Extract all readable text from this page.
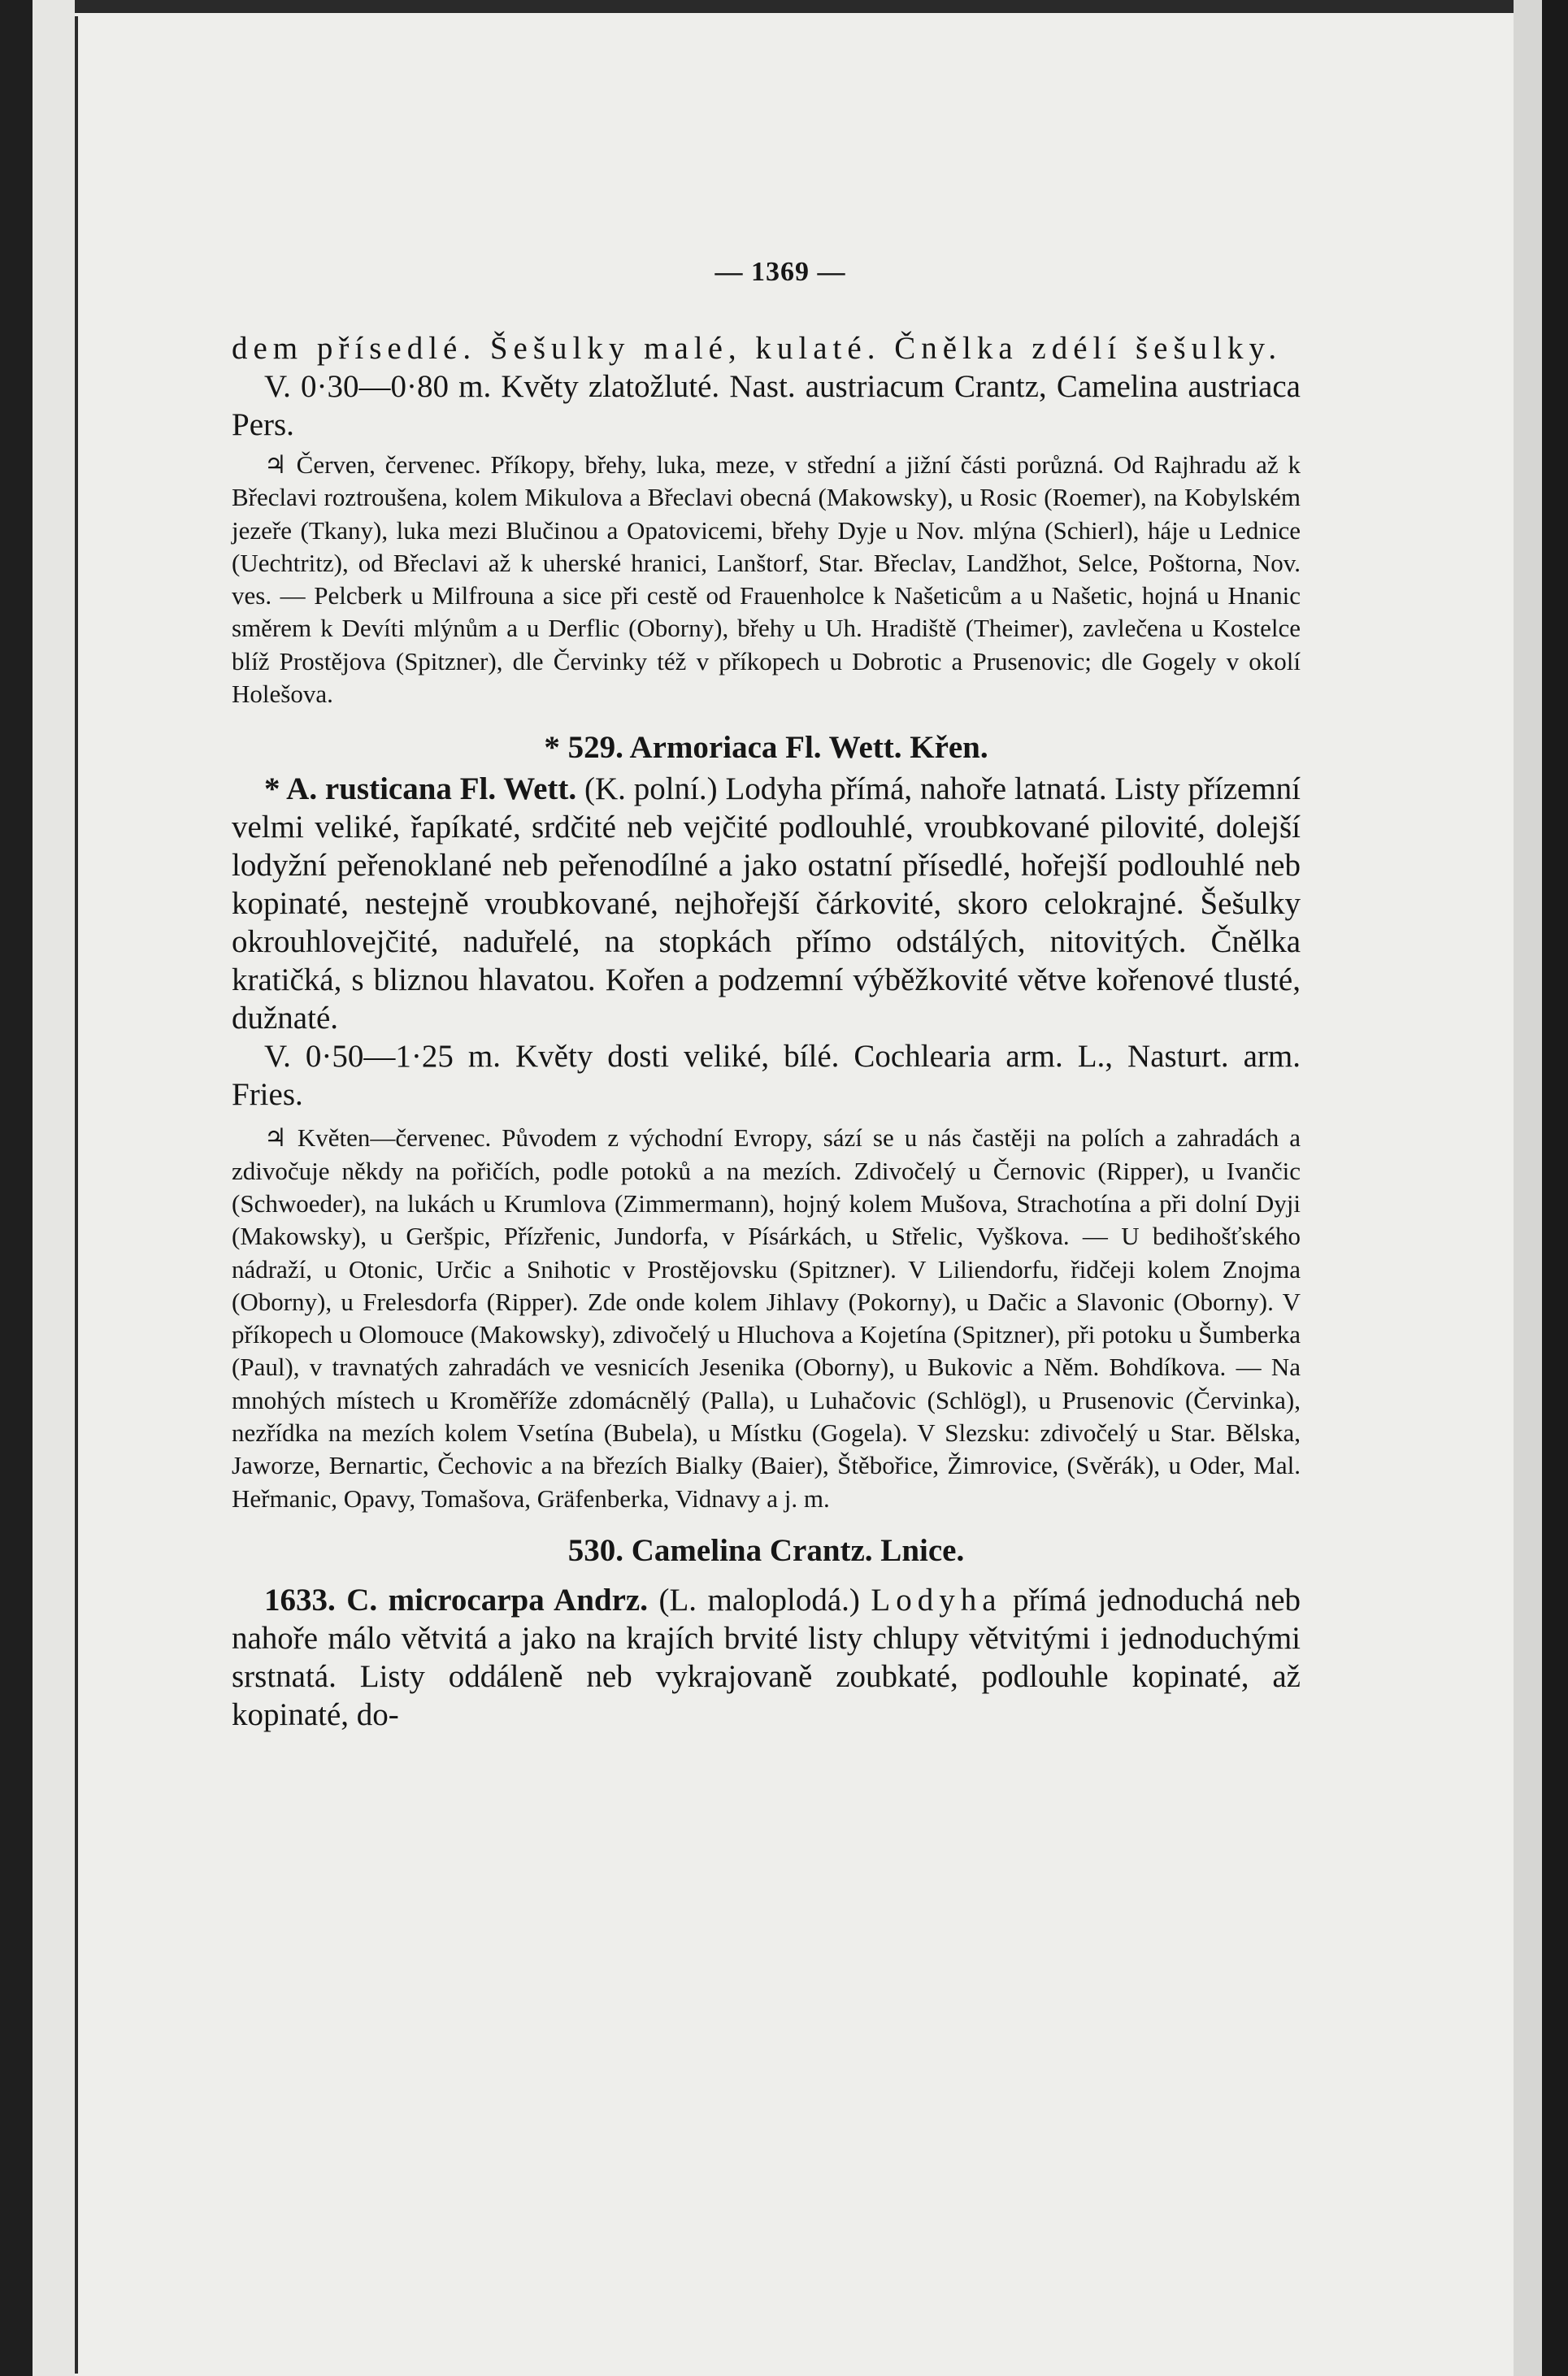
— 1369 —

dem přísedlé. Šešulky malé, kulaté. Čnělka zdélí šešulky.

V. 0·30—0·80 m. Květy zlatožluté. Nast. austriacum Crantz, Camelina austriaca Pers.

♃ Červen, červenec. Příkopy, břehy, luka, meze, v střední a jižní části porůzná. Od Rajhradu až k Břeclavi roztroušena, kolem Mikulova a Břeclavi obecná (Makowsky), u Rosic (Roemer), na Kobylském jezeře (Tkany), luka mezi Blučinou a Opatovicemi, břehy Dyje u Nov. mlýna (Schierl), háje u Lednice (Uechtritz), od Břeclavi až k uherské hranici, Lanštorf, Star. Břeclav, Landžhot, Selce, Poštorna, Nov. ves. — Pelcberk u Milfrouna a sice při cestě od Frauenholce k Našeticům a u Našetic, hojná u Hnanic směrem k Devíti mlýnům a u Derflic (Oborny), břehy u Uh. Hradiště (Theimer), zavlečena u Kostelce blíž Prostějova (Spitzner), dle Červinky též v příkopech u Dobrotic a Prusenovic; dle Gogely v okolí Holešova.

* 529. Armoriaca Fl. Wett. Křen.

* A. rusticana Fl. Wett. (K. polní.) Lodyha přímá, nahoře latnatá. Listy přízemní velmi veliké, řapíkaté, srdčité neb vejčité podlouhlé, vroubkované pilovité, dolejší lodyžní peřenoklané neb peřenodílné a jako ostatní přísedlé, hořejší podlouhlé neb kopinaté, nestejně vroubkované, nejhořejší čárkovité, skoro celokrajné. Šešulky okrouhlovejčité, naduřelé, na stopkách přímo odstálých, nitovitých. Čnělka kratičká, s bliznou hlavatou. Kořen a podzemní výběžkovité větve kořenové tlusté, dužnaté.

V. 0·50—1·25 m. Květy dosti veliké, bílé. Cochlearia arm. L., Nasturt. arm. Fries.

♃ Květen—červenec. Původem z východní Evropy, sází se u nás častěji na polích a zahradách a zdivočuje někdy na pořičích, podle potoků a na mezích. Zdivočelý u Černovic (Ripper), u Ivančic (Schwoeder), na lukách u Krumlova (Zimmermann), hojný kolem Mušova, Strachotína a při dolní Dyji (Makowsky), u Geršpic, Přízřenic, Jundorfa, v Písárkách, u Střelic, Vyškova. — U bedihošťského nádraží, u Otonic, Určic a Snihotic v Prostějovsku (Spitzner). V Liliendorfu, řidčeji kolem Znojma (Oborny), u Frelesdorfa (Ripper). Zde onde kolem Jihlavy (Pokorny), u Dačic a Slavonic (Oborny). V příkopech u Olomouce (Makowsky), zdivočelý u Hluchova a Kojetína (Spitzner), při potoku u Šumberka (Paul), v travnatých zahradách ve vesnicích Jesenika (Oborny), u Bukovic a Něm. Bohdíkova. — Na mnohých místech u Kroměříže zdomácnělý (Palla), u Luhačovic (Schlögl), u Prusenovic (Červinka), nezřídka na mezích kolem Vsetína (Bubela), u Místku (Gogela). V Slezsku: zdivočelý u Star. Bělska, Jaworze, Bernartic, Čechovic a na březích Bialky (Baier), Štěbořice, Žimrovice, (Svěrák), u Oder, Mal. Heřmanic, Opavy, Tomašova, Gräfenberka, Vidnavy a j. m.

530. Camelina Crantz. Lnice.

1633. C. microcarpa Andrz. (L. maloplodá.) Lodyha přímá jednoduchá neb nahoře málo větvitá a jako na krajích brvité listy chlupy větvitými i jednoduchými srstnatá. Listy oddáleně neb vykrajovaně zoubkaté, podlouhle kopinaté, až kopinaté, do-
